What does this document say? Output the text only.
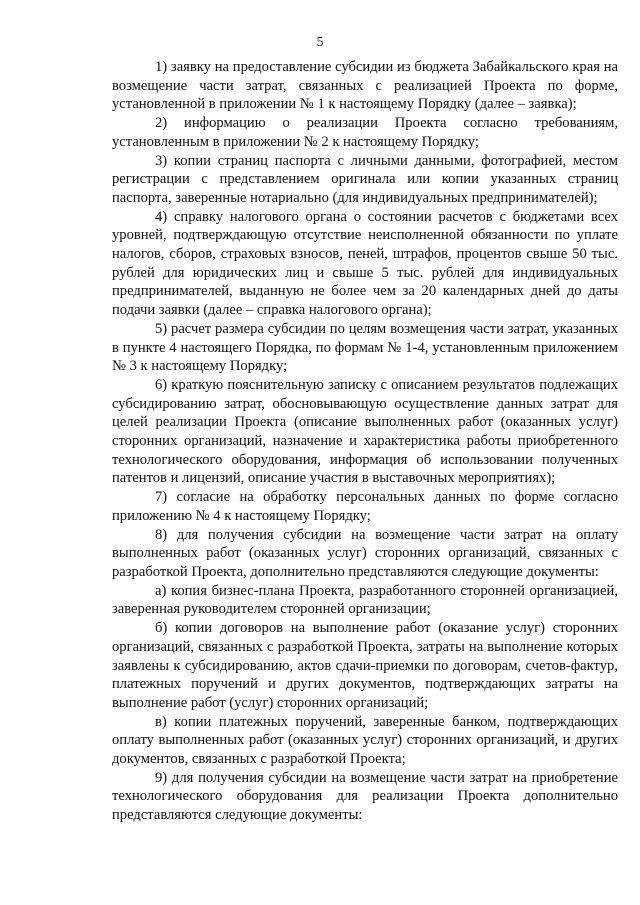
5

1) заявку на предоставление субсидии из бюджета Забайкальского края на возмещение части затрат, связанных с реализацией Проекта по форме, установленной в приложении № 1 к настоящему Порядку (далее – заявка);

2) информацию о реализации Проекта согласно требованиям, установленным в приложении № 2 к настоящему Порядку;

3) копии страниц паспорта с личными данными, фотографией, местом регистрации с представлением оригинала или копии указанных страниц паспорта, заверенные нотариально (для индивидуальных предпринимателей);

4) справку налогового органа о состоянии расчетов с бюджетами всех уровней, подтверждающую отсутствие неисполненной обязанности по уплате налогов, сборов, страховых взносов, пеней, штрафов, процентов свыше 50 тыс. рублей для юридических лиц и свыше 5 тыс. рублей для индивидуальных предпринимателей, выданную не более чем за 20 календарных дней до даты подачи заявки (далее – справка налогового органа);

5) расчет размера субсидии по целям возмещения части затрат, указанных в пункте 4 настоящего Порядка, по формам № 1-4, установленным приложением № 3 к настоящему Порядку;

6) краткую пояснительную записку с описанием результатов подлежащих субсидированию затрат, обосновывающую осуществление данных затрат для целей реализации Проекта (описание выполненных работ (оказанных услуг) сторонних организаций, назначение и характеристика работы приобретенного технологического оборудования, информация об использовании полученных патентов и лицензий, описание участия в выставочных мероприятиях);

7) согласие на обработку персональных данных по форме согласно приложению № 4 к настоящему Порядку;

8) для получения субсидии на возмещение части затрат на оплату выполненных работ (оказанных услуг) сторонних организаций, связанных с разработкой Проекта, дополнительно представляются следующие документы:

а) копия бизнес-плана Проекта, разработанного сторонней организацией, заверенная руководителем сторонней организации;

б) копии договоров на выполнение работ (оказание услуг) сторонних организаций, связанных с разработкой Проекта, затраты на выполнение которых заявлены к субсидированию, актов сдачи-приемки по договорам, счетов-фактур, платежных поручений и других документов, подтверждающих затраты на выполнение работ (услуг) сторонних организаций;

в) копии платежных поручений, заверенные банком, подтверждающих оплату выполненных работ (оказанных услуг) сторонних организаций, и других документов, связанных с разработкой Проекта;

9) для получения субсидии на возмещение части затрат на приобретение технологического оборудования для реализации Проекта дополнительно представляются следующие документы:
